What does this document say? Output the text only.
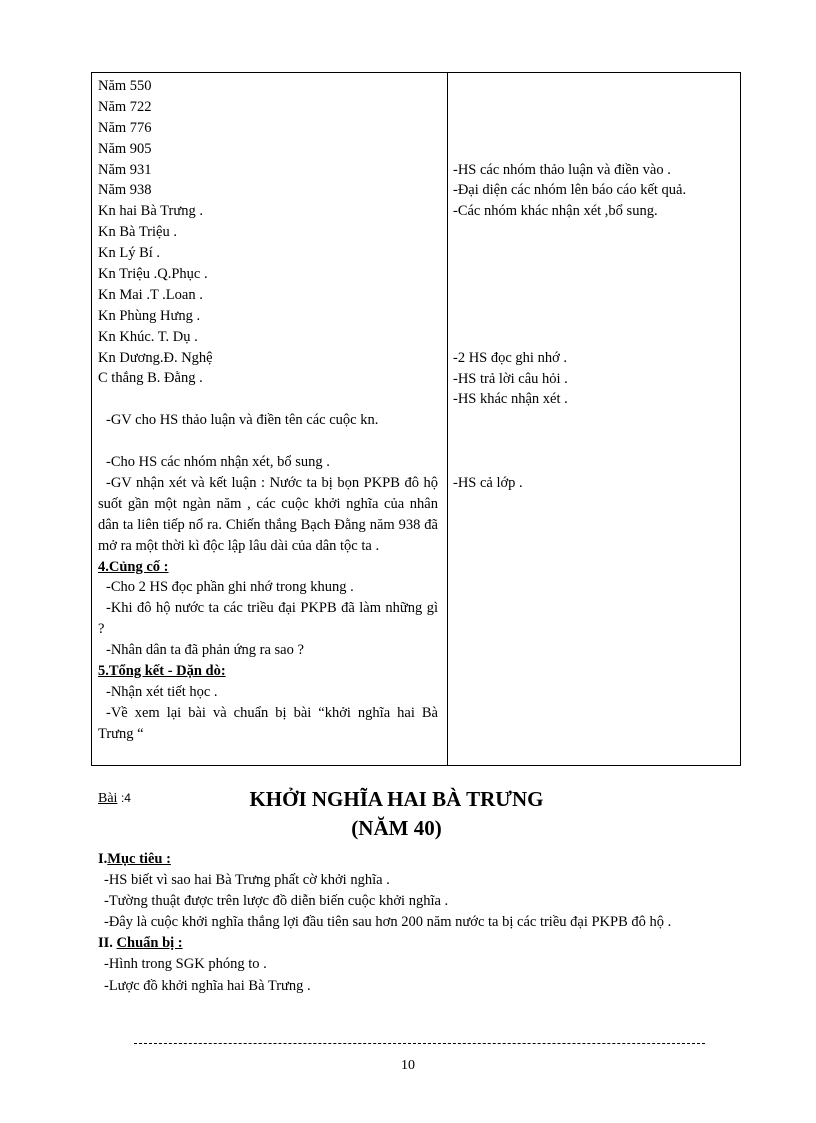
Năm 550
Năm 722
Năm 776
Năm 905
Năm 931
Năm 938
Kn hai Bà Trưng .
Kn Bà Triệu .
Kn Lý Bí .
Kn Triệu .Q.Phục .
Kn Mai .T .Loan .
Kn Phùng Hưng .
Kn Khúc. T. Dụ .
Kn Dương.Đ. Nghệ
C thắng B. Đằng .
-GV cho HS thảo luận và điền tên các cuộc kn.
-Cho HS các nhóm nhận xét, bổ sung .
-GV nhận xét và kết luận : Nước ta bị bọn PKPB đô hộ suốt gần một ngàn năm , các cuộc khởi nghĩa của nhân dân ta liên tiếp nổ ra. Chiến thắng Bạch Đằng năm 938 đã mở ra một thời kì độc lập lâu dài của dân tộc ta .
4.Củng cố :
-Cho 2 HS đọc phần ghi nhớ trong khung .
-Khi đô hộ nước ta các triều đại PKPB đã làm những gì ?
-Nhân dân ta đã phản ứng ra sao ?
5.Tổng kết - Dặn dò:
-Nhận xét tiết học .
-Về xem lại bài và chuẩn bị bài “khởi nghĩa hai Bà Trưng “
-HS các nhóm thảo luận và điền vào .
-Đại diện các nhóm lên báo cáo kết quả.
-Các nhóm khác nhận xét ,bổ sung.
-2 HS đọc ghi nhớ .
-HS trả lời câu hỏi .
-HS khác nhận xét .
-HS cả lớp .
Bài :4	KHỞI NGHĨA HAI BÀ TRƯNG
(NĂM 40)
I.Mục tiêu :
-HS biết vì sao hai Bà Trưng phất cờ khởi nghĩa .
-Tường thuật được trên lược đồ diễn biến cuộc khởi nghĩa .
-Đây là cuộc khởi nghĩa thắng lợi đầu tiên sau hơn 200 năm nước ta bị các triều đại PKPB đô hộ .
II. Chuẩn bị :
-Hình trong SGK phóng to .
-Lược đồ khởi nghĩa hai Bà Trưng .
10
